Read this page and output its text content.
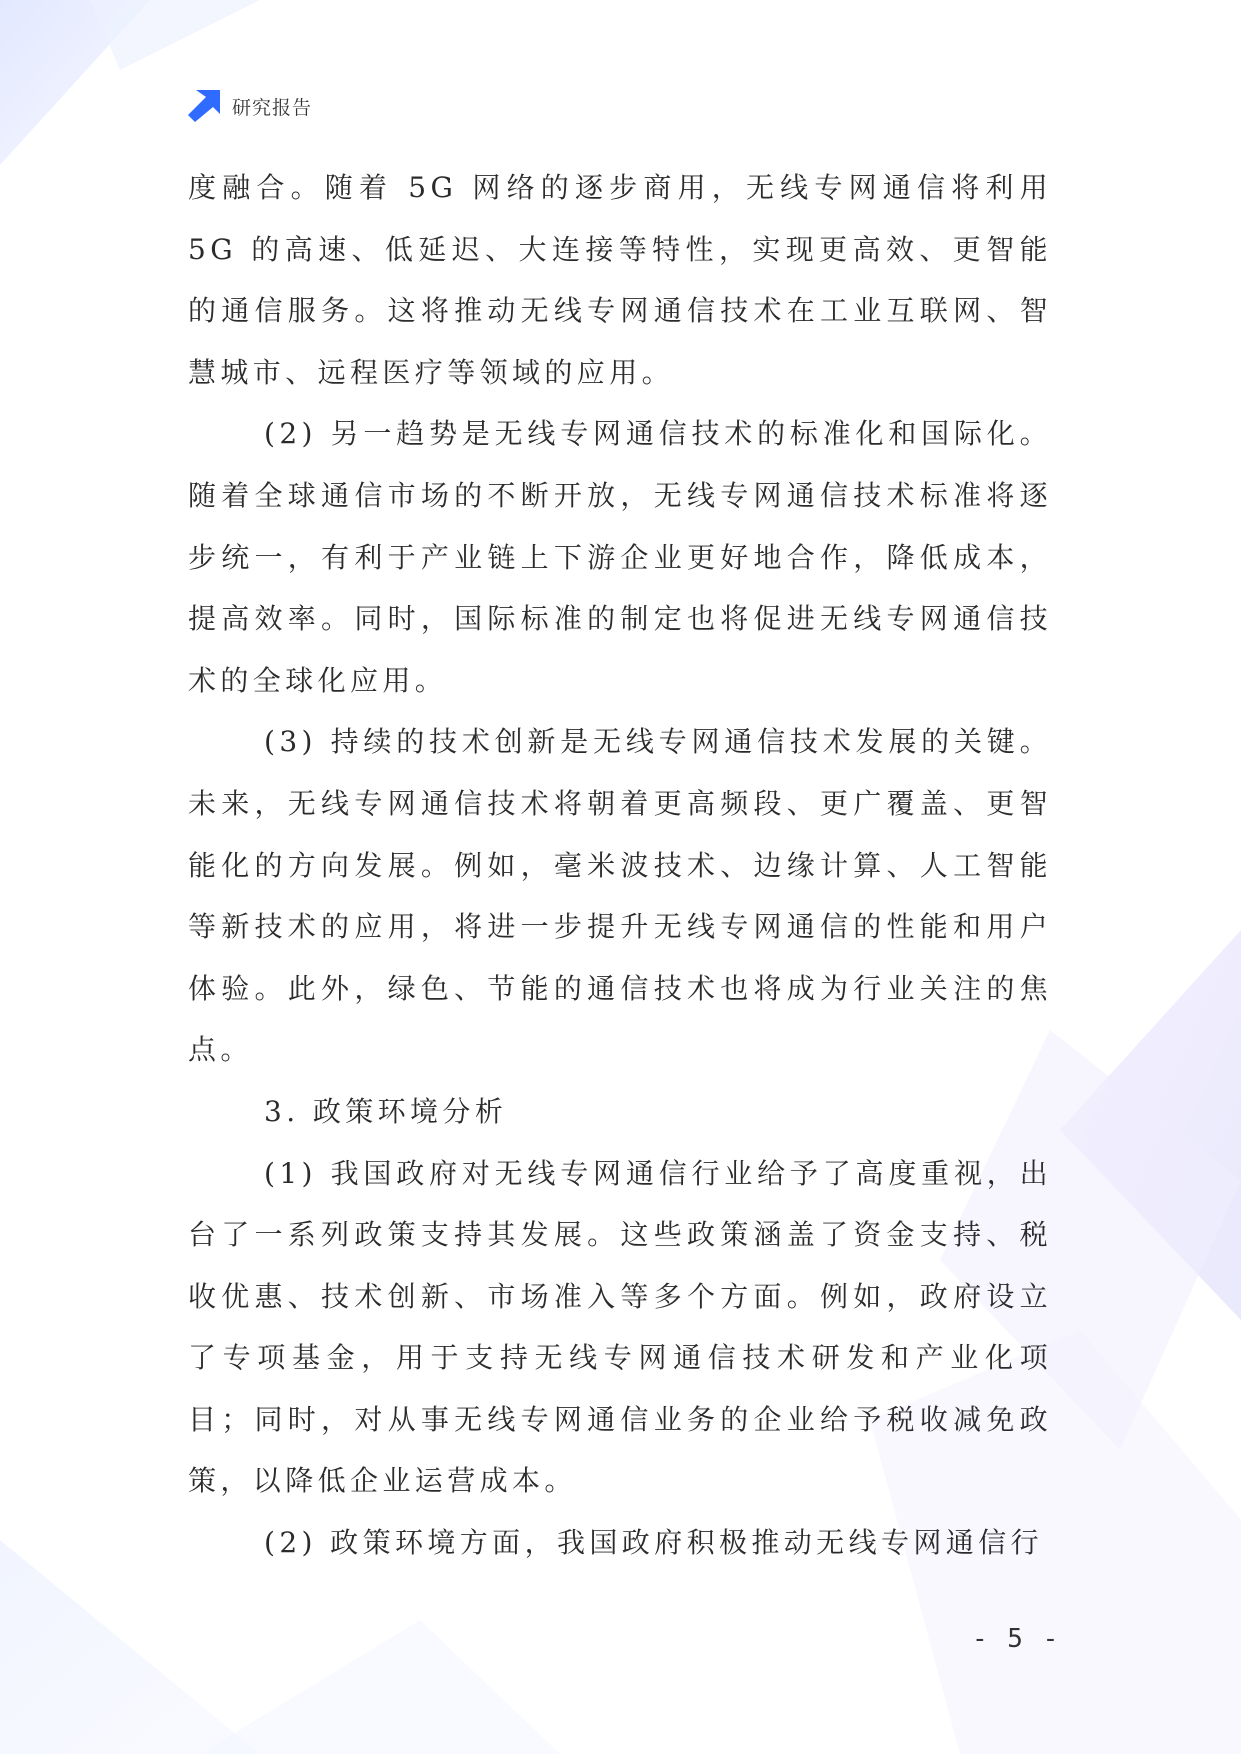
研究报告

度融合。随着 5G 网络的逐步商用，无线专网通信将利用 5G 的高速、低延迟、大连接等特性，实现更高效、更智能的通信服务。这将推动无线专网通信技术在工业互联网、智慧城市、远程医疗等领域的应用。

(2) 另一趋势是无线专网通信技术的标准化和国际化。随着全球通信市场的不断开放，无线专网通信技术标准将逐步统一，有利于产业链上下游企业更好地合作，降低成本，提高效率。同时，国际标准的制定也将促进无线专网通信技术的全球化应用。

(3) 持续的技术创新是无线专网通信技术发展的关键。未来，无线专网通信技术将朝着更高频段、更广覆盖、更智能化的方向发展。例如，毫米波技术、边缘计算、人工智能等新技术的应用，将进一步提升无线专网通信的性能和用户体验。此外，绿色、节能的通信技术也将成为行业关注的焦点。

3. 政策环境分析

(1) 我国政府对无线专网通信行业给予了高度重视，出台了一系列政策支持其发展。这些政策涵盖了资金支持、税收优惠、技术创新、市场准入等多个方面。例如，政府设立了专项基金，用于支持无线专网通信技术研发和产业化项目；同时，对从事无线专网通信业务的企业给予税收减免政策，以降低企业运营成本。

(2) 政策环境方面，我国政府积极推动无线专网通信行

- 5 -
